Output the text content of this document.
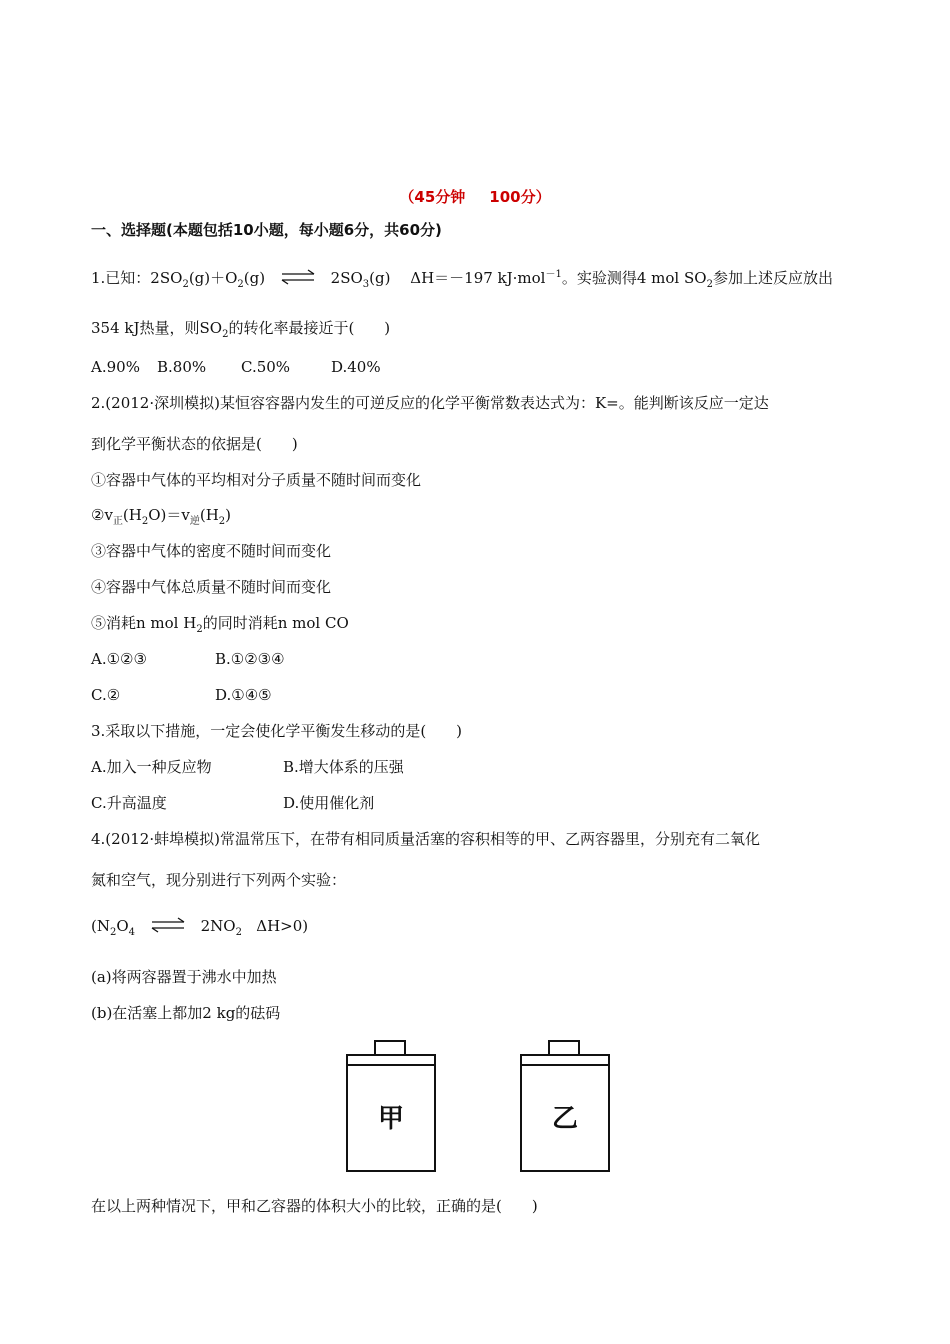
（45分钟 100分）
一、选择题(本题包括10小题，每小题6分，共60分)
1.已知：$2SO_2(g)+O_2(g)$ ⇌ $2SO_3(g)$　 ΔH＝－197 kJ·mol$^{-1}$。实验测得4 mol $SO_2$参加上述反应放出
354 kJ热量，则$SO_2$的转化率最接近于(　　)
A.90% B.80% C.50%	D.40%
2.(2012·深圳模拟)某恒容容器内发生的可逆反应的化学平衡常数表达式为：K=。能判断该反应一定达
到化学平衡状态的依据是(　　)
①容器中气体的平均相对分子质量不随时间而变化
$②v_正(H_2O)=v_逆(H_2)$
③容器中气体的密度不随时间而变化
④容器中气体总质量不随时间而变化
⑤消耗n mol $H_2$的同时消耗n mol CO
A.①②③	B.①②③④
C.②	D.①④⑤
3.采取以下措施，一定会使化学平衡发生移动的是(　　)
A.加入一种反应物	B.增大体系的压强
C.升高温度	D.使用催化剂
4.(2012·蚌埠模拟)常温常压下，在带有相同质量活塞的容积相等的甲、乙两容器里，分别充有二氧化
氮和空气，现分别进行下列两个实验：
($N_2O_4$ ⇌ $2NO_2$ ΔH>0)
(a)将两容器置于沸水中加热
(b)在活塞上都加2 kg的砝码
甲	乙
在以上两种情况下，甲和乙容器的体积大小的比较，正确的是(　　)
